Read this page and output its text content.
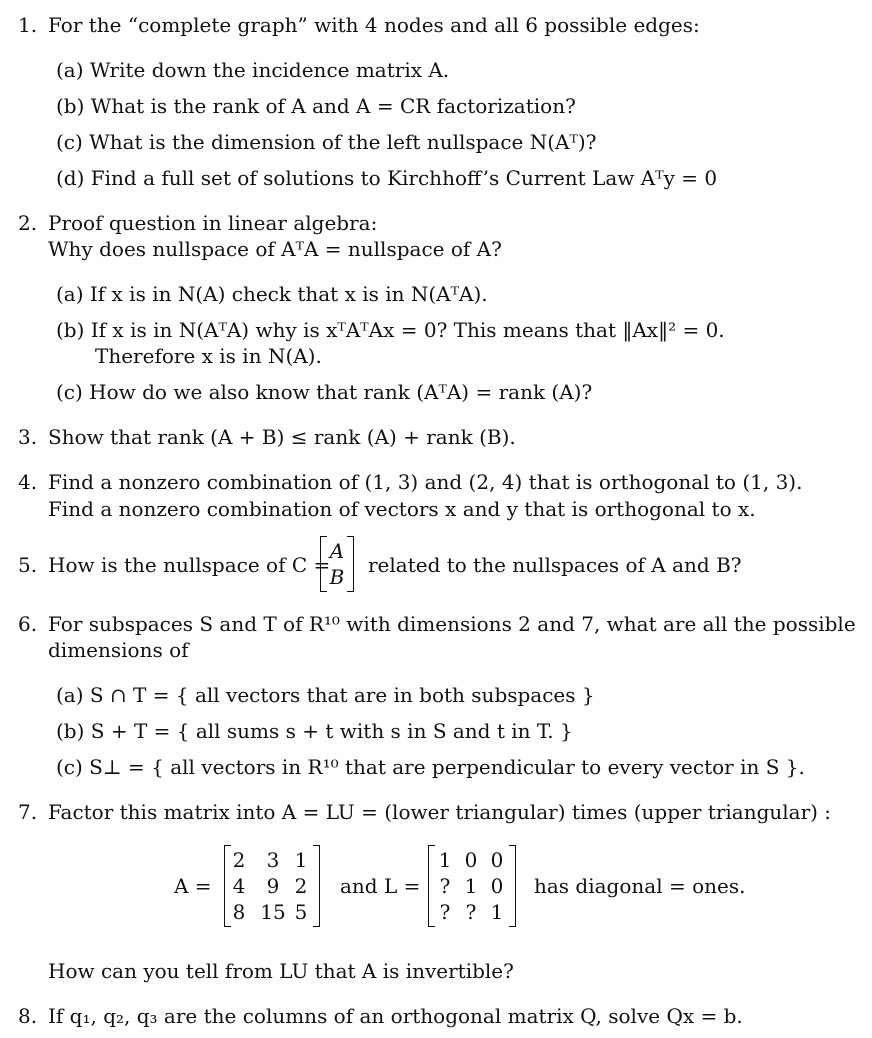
1. For the “complete graph” with 4 nodes and all 6 possible edges:
(a) Write down the incidence matrix A.
(b) What is the rank of A and A = CR factorization?
(c) What is the dimension of the left nullspace N(Aᵀ)?
(d) Find a full set of solutions to Kirchhoff’s Current Law Aᵀy = 0
2. Proof question in linear algebra:
Why does nullspace of AᵀA = nullspace of A?
(a) If x is in N(A) check that x is in N(AᵀA).
(b) If x is in N(AᵀA) why is xᵀAᵀAx = 0? This means that ‖Ax‖² = 0.
Therefore x is in N(A).
(c) How do we also know that rank (AᵀA) = rank (A)?
3. Show that rank (A + B) ≤ rank (A) + rank (B).
4. Find a nonzero combination of (1, 3) and (2, 4) that is orthogonal to (1, 3).
Find a nonzero combination of vectors x and y that is orthogonal to x.
5. How is the nullspace of C =
A
B related to the nullspaces of A and B?
6. For subspaces S and T of R¹⁰ with dimensions 2 and 7, what are all the possible
dimensions of
(a) S ∩ T = { all vectors that are in both subspaces }
(b) S + T = { all sums s + t with s in S and t in T. }
(c) S⊥ = { all vectors in R¹⁰ that are perpendicular to every vector in S }.
7. Factor this matrix into A = LU = (lower triangular) times (upper triangular) :
A =
2	3 1
4	9 2
8 15 5
and L =
1 0 0
? 1 0
? ? 1
has diagonal = ones.
How can you tell from LU that A is invertible?
8. If q₁, q₂, q₃ are the columns of an orthogonal matrix Q, solve Qx = b.
